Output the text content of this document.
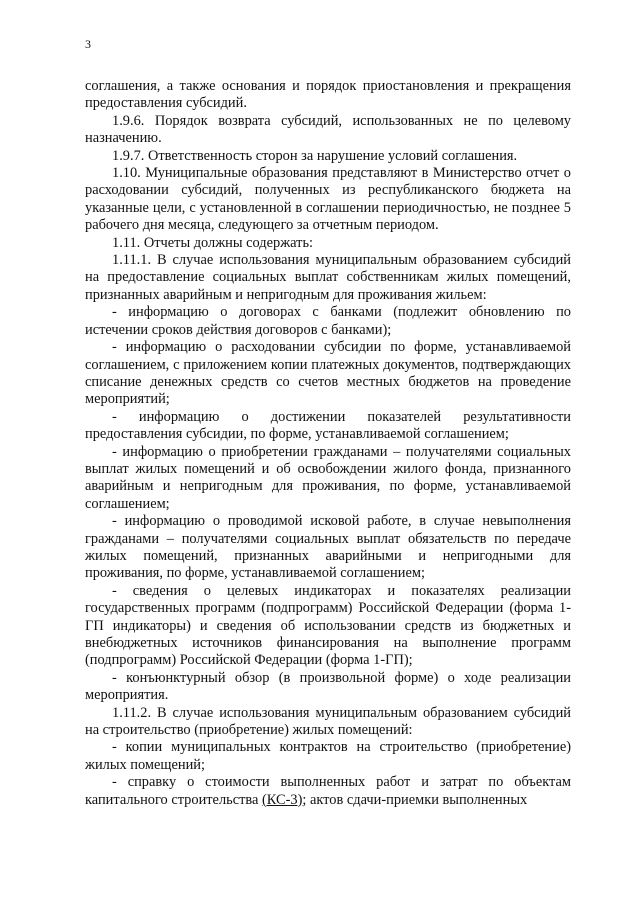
3

соглашения, а также основания и порядок приостановления и прекращения предоставления субсидий.

1.9.6. Порядок возврата субсидий, использованных не по целевому назначению.

1.9.7. Ответственность сторон за нарушение условий соглашения.

1.10. Муниципальные образования представляют в Министерство отчет о расходовании субсидий, полученных из республиканского бюджета на указанные цели, с установленной в соглашении периодичностью, не позднее 5 рабочего дня месяца, следующего за отчетным периодом.

1.11. Отчеты должны содержать:

1.11.1. В случае использования муниципальным образованием субсидий на предоставление социальных выплат собственникам жилых помещений, признанных аварийным и непригодным для проживания жильем:

- информацию о договорах с банками (подлежит обновлению по истечении сроков действия договоров с банками);

- информацию о расходовании субсидии по форме, устанавливаемой соглашением, с приложением копии платежных документов, подтверждающих списание денежных средств со счетов местных бюджетов на проведение мероприятий;

- информацию о достижении показателей результативности предоставления субсидии, по форме, устанавливаемой соглашением;

- информацию о приобретении гражданами – получателями социальных выплат жилых помещений и об освобождении жилого фонда, признанного аварийным и непригодным для проживания, по форме, устанавливаемой соглашением;

- информацию о проводимой исковой работе, в случае невыполнения гражданами – получателями социальных выплат обязательств по передаче жилых помещений, признанных аварийными и непригодными для проживания, по форме, устанавливаемой соглашением;

- сведения о целевых индикаторах и показателях реализации государственных программ (подпрограмм) Российской Федерации (форма 1-ГП индикаторы) и сведения об использовании средств из бюджетных и внебюджетных источников финансирования на выполнение программ (подпрограмм) Российской Федерации (форма 1-ГП);

- конъюнктурный обзор (в произвольной форме) о ходе реализации мероприятия.

1.11.2. В случае использования муниципальным образованием субсидий на строительство (приобретение) жилых помещений:

- копии муниципальных контрактов на строительство (приобретение) жилых помещений;

- справку о стоимости выполненных работ и затрат по объектам капитального строительства (КС-3); актов сдачи-приемки выполненных
